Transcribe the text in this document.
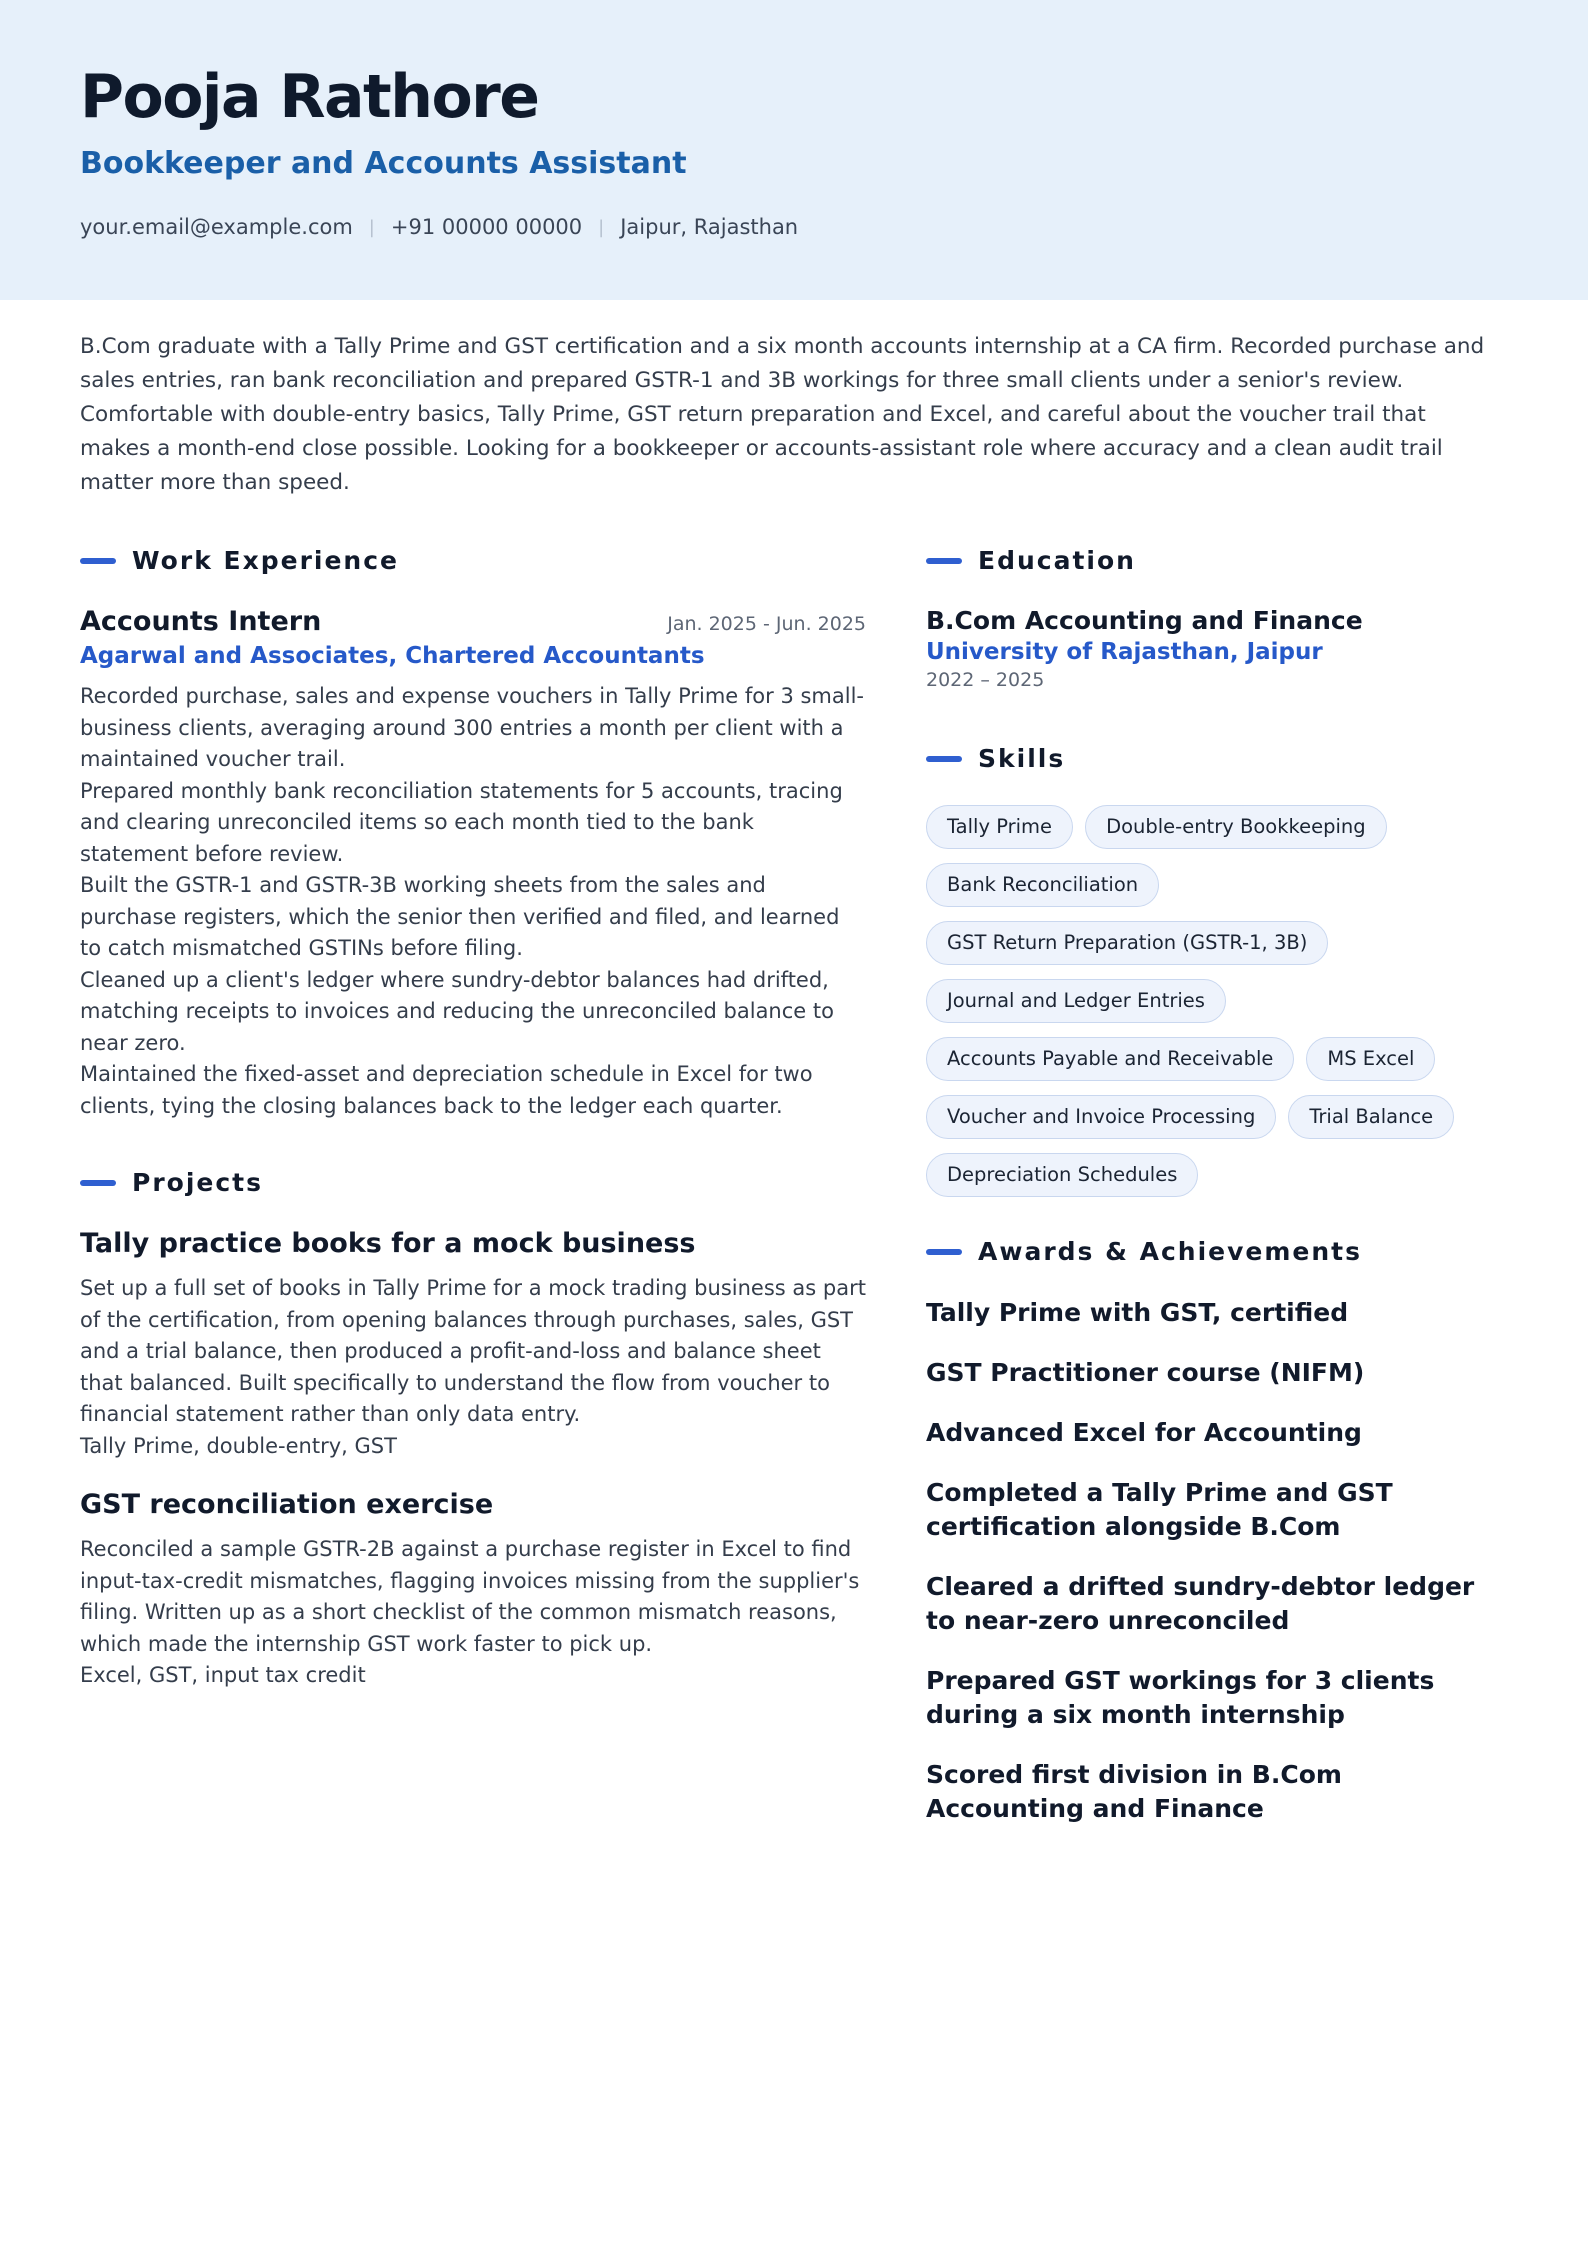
Pooja Rathore
Bookkeeper and Accounts Assistant
your.email@example.com | +91 00000 00000 | Jaipur, Rajasthan
B.Com graduate with a Tally Prime and GST certification and a six month accounts internship at a CA firm. Recorded purchase and sales entries, ran bank reconciliation and prepared GSTR-1 and 3B workings for three small clients under a senior's review. Comfortable with double-entry basics, Tally Prime, GST return preparation and Excel, and careful about the voucher trail that makes a month-end close possible. Looking for a bookkeeper or accounts-assistant role where accuracy and a clean audit trail matter more than speed.
Work Experience
Accounts Intern	Jan. 2025 - Jun. 2025
Agarwal and Associates, Chartered Accountants
Recorded purchase, sales and expense vouchers in Tally Prime for 3 small-business clients, averaging around 300 entries a month per client with a maintained voucher trail.
Prepared monthly bank reconciliation statements for 5 accounts, tracing and clearing unreconciled items so each month tied to the bank statement before review.
Built the GSTR-1 and GSTR-3B working sheets from the sales and purchase registers, which the senior then verified and filed, and learned to catch mismatched GSTINs before filing.
Cleaned up a client's ledger where sundry-debtor balances had drifted, matching receipts to invoices and reducing the unreconciled balance to near zero.
Maintained the fixed-asset and depreciation schedule in Excel for two clients, tying the closing balances back to the ledger each quarter.
Projects
Tally practice books for a mock business
Set up a full set of books in Tally Prime for a mock trading business as part of the certification, from opening balances through purchases, sales, GST and a trial balance, then produced a profit-and-loss and balance sheet that balanced. Built specifically to understand the flow from voucher to financial statement rather than only data entry.
Tally Prime, double-entry, GST
GST reconciliation exercise
Reconciled a sample GSTR-2B against a purchase register in Excel to find input-tax-credit mismatches, flagging invoices missing from the supplier's filing. Written up as a short checklist of the common mismatch reasons, which made the internship GST work faster to pick up.
Excel, GST, input tax credit
Education
B.Com Accounting and Finance
University of Rajasthan, Jaipur
2022 – 2025
Skills
Tally Prime	Double-entry Bookkeeping
Bank Reconciliation
GST Return Preparation (GSTR-1, 3B)
Journal and Ledger Entries
Accounts Payable and Receivable	MS Excel
Voucher and Invoice Processing	Trial Balance
Depreciation Schedules
Awards & Achievements
Tally Prime with GST, certified
GST Practitioner course (NIFM)
Advanced Excel for Accounting
Completed a Tally Prime and GST certification alongside B.Com
Cleared a drifted sundry-debtor ledger to near-zero unreconciled
Prepared GST workings for 3 clients during a six month internship
Scored first division in B.Com Accounting and Finance
